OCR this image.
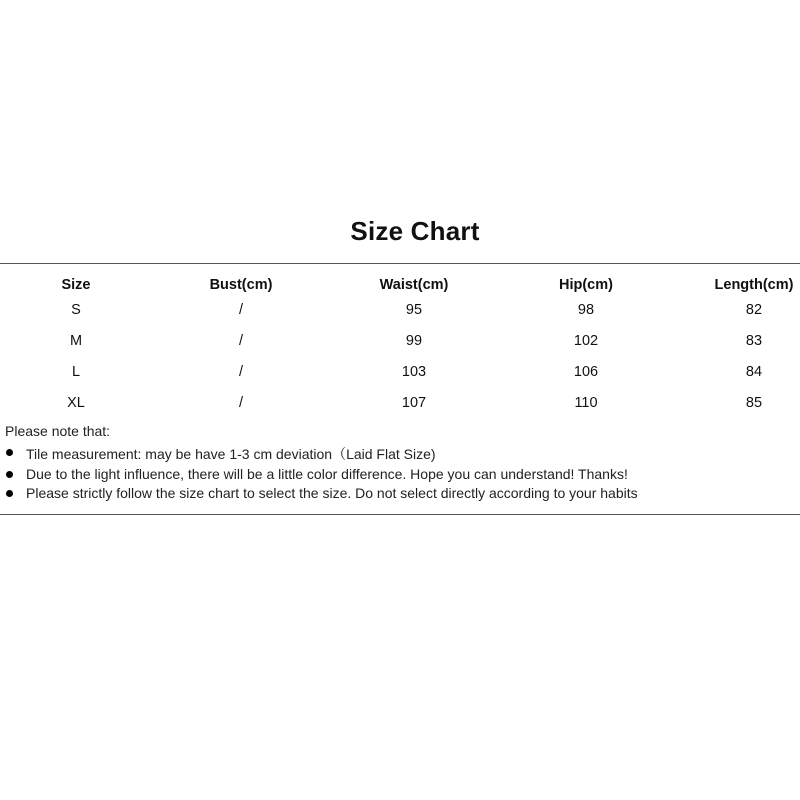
Size Chart
Size	Bust(cm)	Waist(cm)	Hip(cm)	Length(cm)
S	/	95	98	82
M	/	99	102	83
L	/	103	106	84
XL	/	107	110	85
Please note that:
Tile measurement: may be have 1-3 cm deviation（Laid Flat Size)
Due to the light influence, there will be a little color difference. Hope you can understand! Thanks!
Please strictly follow the size chart to select the size. Do not select directly according to your habits
